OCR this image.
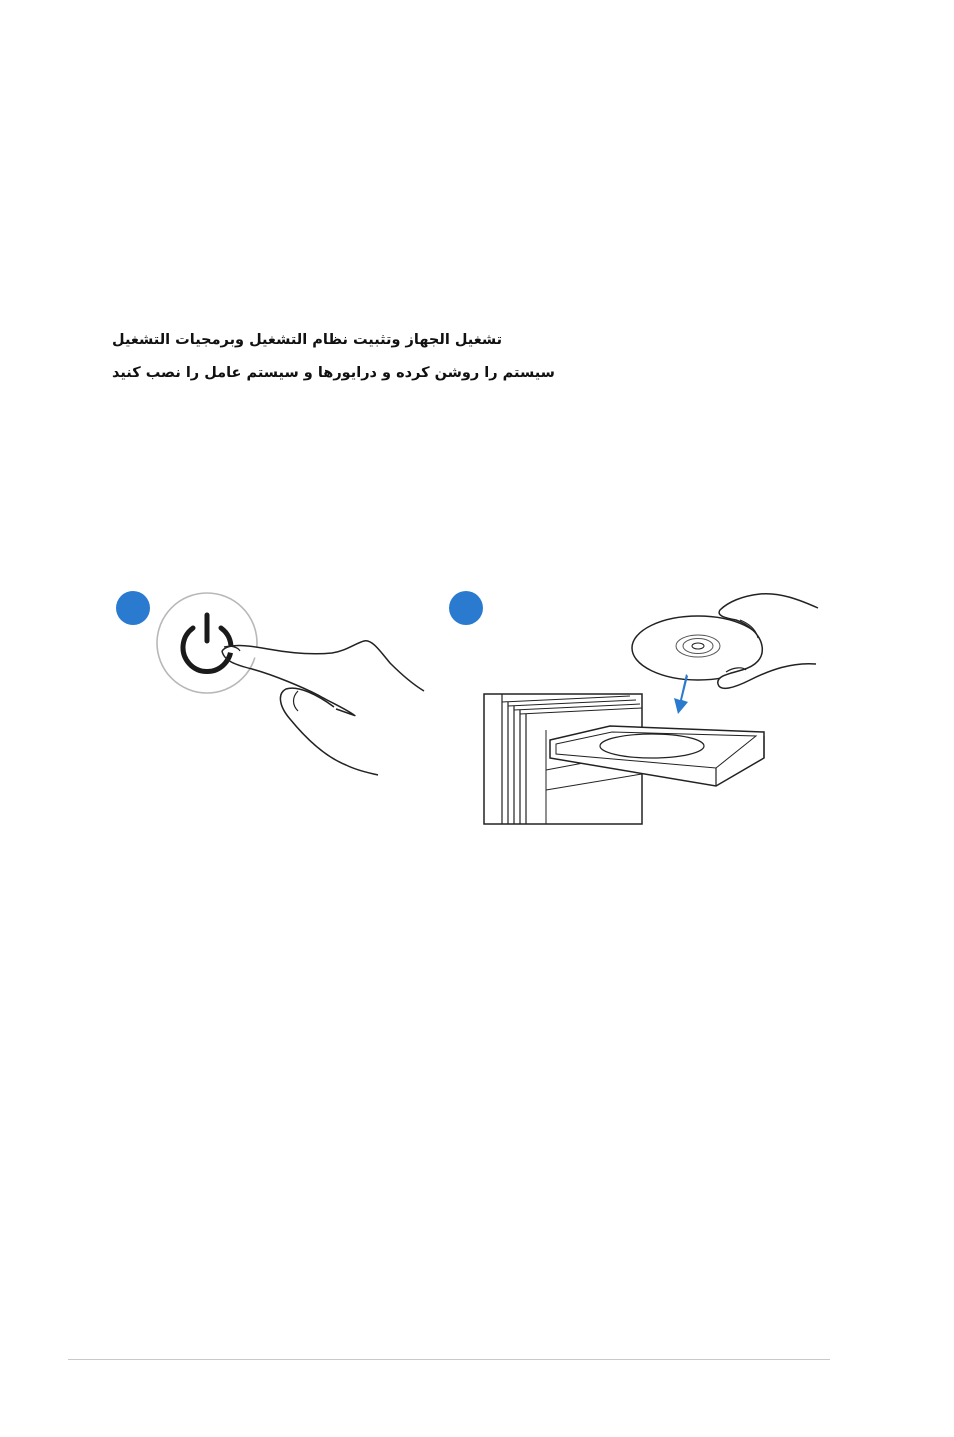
تشغيل الجهاز وتثبيت نظام التشغيل وبرمجيات التشغيل
سیستم را روشن کرده و درایورها و سیستم عامل را نصب کنید
